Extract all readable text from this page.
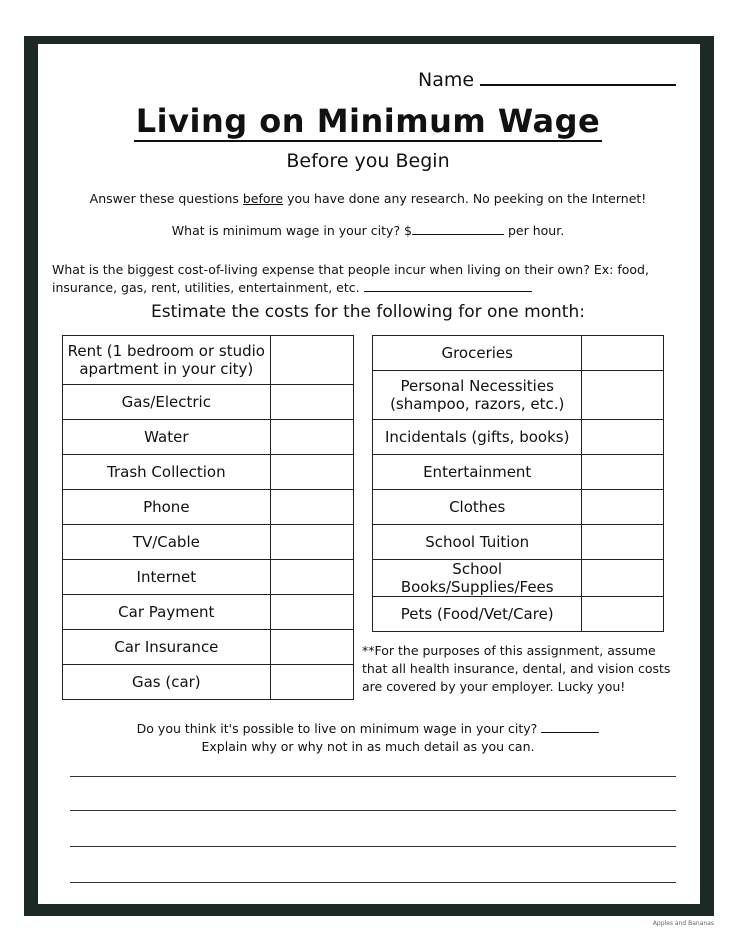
Name
Living on Minimum Wage
Before you Begin
Answer these questions before you have done any research. No peeking on the Internet!
What is minimum wage in your city? $	per hour.
What is the biggest cost-of-living expense that people incur when living on their own? Ex: food, insurance, gas, rent, utilities, entertainment, etc.
Estimate the costs for the following for one month:
Rent (1 bedroom or studio apartment in your city)	
Gas/Electric	
Water	
Trash Collection	
Phone	
TV/Cable	
Internet	
Car Payment	
Car Insurance	
Gas (car)	
Groceries	
Personal Necessities (shampoo, razors, etc.)	
Incidentals (gifts, books)	
Entertainment	
Clothes	
School Tuition	
School Books/Supplies/Fees	
Pets (Food/Vet/Care)	
**For the purposes of this assignment, assume that all health insurance, dental, and vision costs are covered by your employer. Lucky you!
Do you think it's possible to live on minimum wage in your city?
Explain why or why not in as much detail as you can.
Apples and Bananas
